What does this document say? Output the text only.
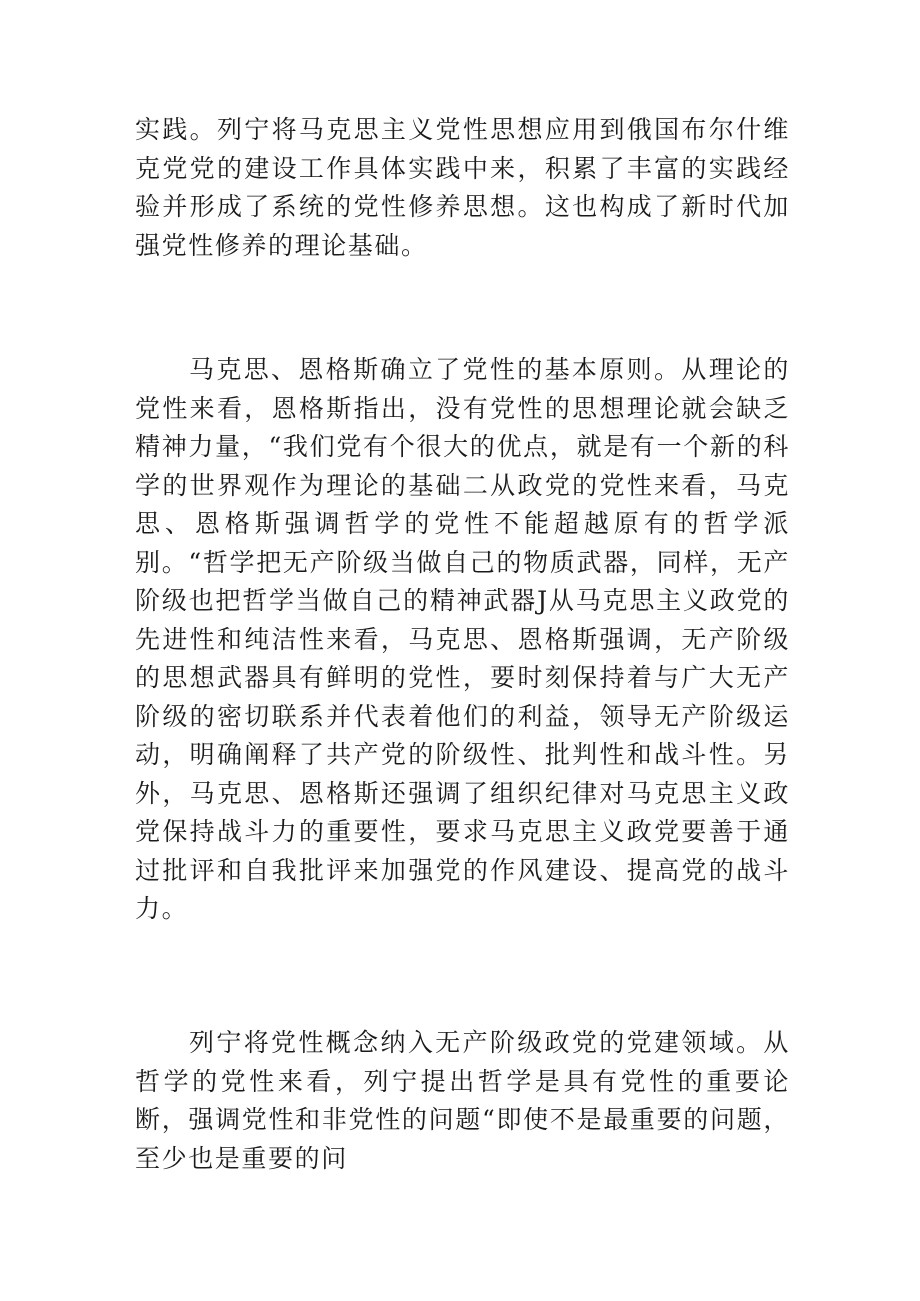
实践。列宁将马克思主义党性思想应用到俄国布尔什维克党党的建设工作具体实践中来，积累了丰富的实践经验并形成了系统的党性修养思想。这也构成了新时代加强党性修养的理论基础。

马克思、恩格斯确立了党性的基本原则。从理论的党性来看，恩格斯指出，没有党性的思想理论就会缺乏精神力量，“我们党有个很大的优点，就是有一个新的科学的世界观作为理论的基础二从政党的党性来看，马克思、恩格斯强调哲学的党性不能超越原有的哲学派别。“哲学把无产阶级当做自己的物质武器，同样，无产阶级也把哲学当做自己的精神武器J从马克思主义政党的先进性和纯洁性来看，马克思、恩格斯强调，无产阶级的思想武器具有鲜明的党性，要时刻保持着与广大无产阶级的密切联系并代表着他们的利益，领导无产阶级运动，明确阐释了共产党的阶级性、批判性和战斗性。另外，马克思、恩格斯还强调了组织纪律对马克思主义政党保持战斗力的重要性，要求马克思主义政党要善于通过批评和自我批评来加强党的作风建设、提高党的战斗力。

列宁将党性概念纳入无产阶级政党的党建领域。从哲学的党性来看，列宁提出哲学是具有党性的重要论断，强调党性和非党性的问题“即使不是最重要的问题，至少也是重要的问
